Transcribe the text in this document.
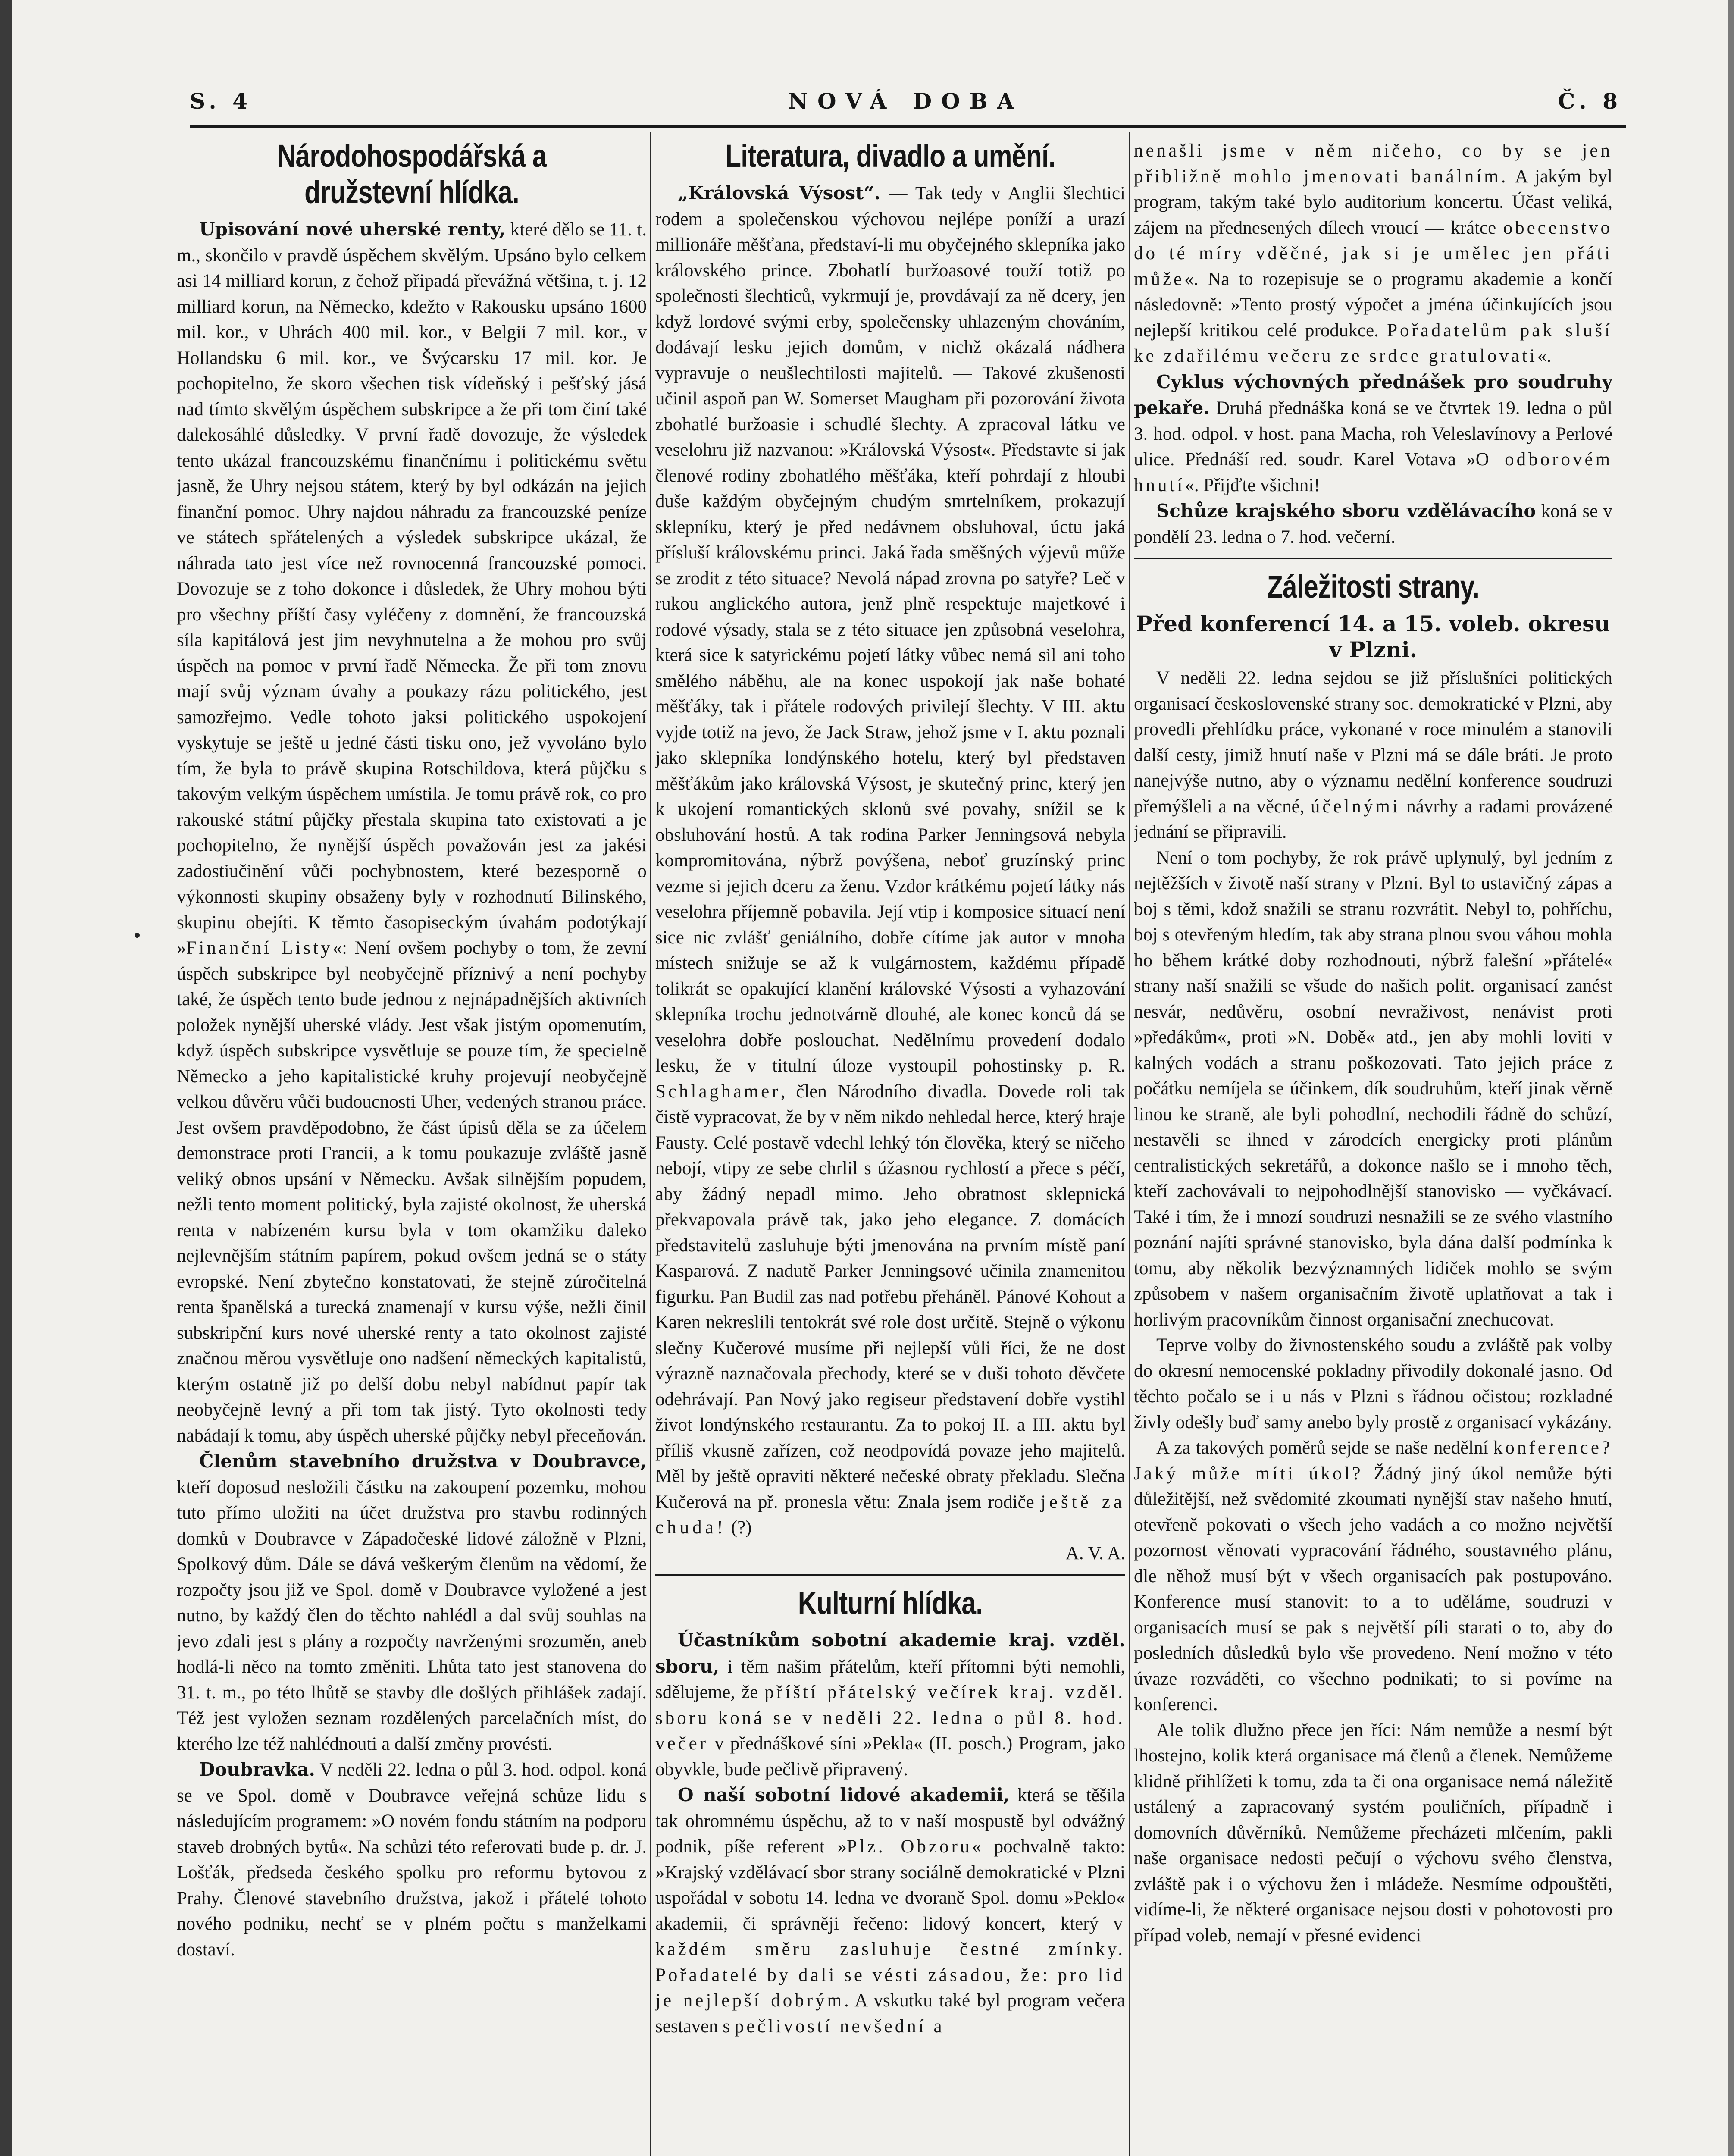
S. 4	NOVÁ DOBA	Č. 8
Národohospodářská a družstevní hlídka.

Upisování nové uherské renty, které dělo se 11. t. m., skončilo v pravdě úspěchem skvělým. Upsáno bylo celkem asi 14 milliard korun, z čehož připadá převážná většina, t. j. 12 milliard korun, na Německo, kdežto v Rakousku upsáno 1600 mil. kor., v Uhrách 400 mil. kor., v Belgii 7 mil. kor., v Hollandsku 6 mil. kor., ve Švýcarsku 17 mil. kor. Je pochopitelno, že skoro všechen tisk vídeňský i pešťský jásá nad tímto skvělým úspěchem subskripce a že při tom činí také dalekosáhlé důsledky. V první řadě dovozuje, že výsledek tento ukázal francouzskému finančnímu i politickému světu jasně, že Uhry nejsou státem, který by byl odkázán na jejich finanční pomoc. Uhry najdou náhradu za francouzské peníze ve státech spřátelených a výsledek subskripce ukázal, že náhrada tato jest více než rovnocenná francouzské pomoci. Dovozuje se z toho dokonce i důsledek, že Uhry mohou býti pro všechny příští časy vyléčeny z domnění, že francouzská síla kapitálová jest jim nevyhnutelna a že mohou pro svůj úspěch na pomoc v první řadě Německa. Že při tom znovu mají svůj význam úvahy a poukazy rázu politického, jest samozřejmo. Vedle tohoto jaksi politického uspokojení vyskytuje se ještě u jedné části tisku ono, jež vyvoláno bylo tím, že byla to právě skupina Rotschildova, která půjčku s takovým velkým úspěchem umístila. Je tomu právě rok, co pro rakouské státní půjčky přestala skupina tato existovati a je pochopitelno, že nynější úspěch považován jest za jakési zadostiučinění vůči pochybnostem, které bezesporně o výkonnosti skupiny obsaženy byly v rozhodnutí Bilinského, skupinu obejíti. K těmto časopiseckým úvahám podotýkají »Finanční Listy«: Není ovšem pochyby o tom, že zevní úspěch subskripce byl neobyčejně příznivý a není pochyby také, že úspěch tento bude jednou z nejnápadnějších aktivních položek nynější uherské vlády. Jest však jistým opomenutím, když úspěch subskripce vysvětluje se pouze tím, že specielně Německo a jeho kapitalistické kruhy projevují neobyčejně velkou důvěru vůči budoucnosti Uher, vedených stranou práce. Jest ovšem pravděpodobno, že část úpisů děla se za účelem demonstrace proti Francii, a k tomu poukazuje zvláště jasně veliký obnos upsání v Německu. Avšak silnějším popudem, nežli tento moment politický, byla zajisté okolnost, že uherská renta v nabízeném kursu byla v tom okamžiku daleko nejlevnějším státním papírem, pokud ovšem jedná se o státy evropské. Není zbytečno konstatovati, že stejně zúročitelná renta španělská a turecká znamenají v kursu výše, nežli činil subskripční kurs nové uherské renty a tato okolnost zajisté značnou měrou vysvětluje ono nadšení německých kapitalistů, kterým ostatně již po delší dobu nebyl nabídnut papír tak neobyčejně levný a při tom tak jistý. Tyto okolnosti tedy nabádají k tomu, aby úspěch uherské půjčky nebyl přeceňován.

Členům stavebního družstva v Doubravce, kteří doposud nesložili částku na zakoupení pozemku, mohou tuto přímo uložiti na účet družstva pro stavbu rodinných domků v Doubravce v Západočeské lidové záložně v Plzni, Spolkový dům. Dále se dává veškerým členům na vědomí, že rozpočty jsou již ve Spol. domě v Doubravce vyložené a jest nutno, by každý člen do těchto nahlédl a dal svůj souhlas na jevo zdali jest s plány a rozpočty navrženými srozuměn, aneb hodlá-li něco na tomto změniti. Lhůta tato jest stanovena do 31. t. m., po této lhůtě se stavby dle došlých přihlášek zadají. Též jest vyložen seznam rozdělených parcelačních míst, do kterého lze též nahlédnouti a další změny provésti.

Doubravka. V neděli 22. ledna o půl 3. hod. odpol. koná se ve Spol. domě v Doubravce veřejná schůze lidu s následujícím programem: »O novém fondu státním na podporu staveb drobných bytů«. Na schůzi této referovati bude p. dr. J. Lošťák, předseda českého spolku pro reformu bytovou z Prahy. Členové stavebního družstva, jakož i přátelé tohoto nového podniku, nechť se v plném počtu s manželkami dostaví.

Literatura, divadlo a umění.

„Královská Výsost“. — Tak tedy v Anglii šlechtici rodem a společenskou výchovou nejlépe poníží a urazí millionáře měšťana, představí-li mu obyčejného sklepníka jako královského prince. Zbohatlí buržoasové touží totiž po společnosti šlechticů, vykrmují je, provdávají za ně dcery, jen když lordové svými erby, společensky uhlazeným chováním, dodávají lesku jejich domům, v nichž okázalá nádhera vypravuje o neušlechtilosti majitelů. — Takové zkušenosti učinil aspoň pan W. Somerset Maugham při pozorování života zbohatlé buržoasie i schudlé šlechty. A zpracoval látku ve veselohru již nazvanou: »Královská Výsost«. Představte si jak členové rodiny zbohatlého měšťáka, kteří pohrdají z hloubi duše každým obyčejným chudým smrtelníkem, prokazují sklepníku, který je před nedávnem obsluhoval, úctu jaká přísluší královskému princi. Jaká řada směšných výjevů může se zrodit z této situace? Nevolá nápad zrovna po satyře? Leč v rukou anglického autora, jenž plně respektuje majetkové i rodové výsady, stala se z této situace jen způsobná veselohra, která sice k satyrickému pojetí látky vůbec nemá sil ani toho smělého náběhu, ale na konec uspokojí jak naše bohaté měšťáky, tak i přátele rodových privilejí šlechty. V III. aktu vyjde totiž na jevo, že Jack Straw, jehož jsme v I. aktu poznali jako sklepníka londýnského hotelu, který byl představen měšťákům jako královská Výsost, je skutečný princ, který jen k ukojení romantických sklonů své povahy, snížil se k obsluhování hostů. A tak rodina Parker Jenningsová nebyla kompromitována, nýbrž povýšena, neboť gruzínský princ vezme si jejich dceru za ženu. Vzdor krátkému pojetí látky nás veselohra příjemně pobavila. Její vtip i komposice situací není sice nic zvlášť geniálního, dobře cítíme jak autor v mnoha místech snižuje se až k vulgárnostem, každému případě tolikrát se opakující klanění královské Výsosti a vyhazování sklepníka trochu jednotvárně dlouhé, ale konec konců dá se veselohra dobře poslouchat. Nedělnímu provedení dodalo lesku, že v titulní úloze vystoupil pohostinsky p. R. Schlaghamer, člen Národního divadla. Dovede roli tak čistě vypracovat, že by v něm nikdo nehledal herce, který hraje Fausty. Celé postavě vdechl lehký tón člověka, který se ničeho nebojí, vtipy ze sebe chrlil s úžasnou rychlostí a přece s péčí, aby žádný nepadl mimo. Jeho obratnost sklepnická překvapovala právě tak, jako jeho elegance. Z domácích představitelů zasluhuje býti jmenována na prvním místě paní Kasparová. Z nadutě Parker Jenningsové učinila znamenitou figurku. Pan Budil zas nad potřebu přeháněl. Pánové Kohout a Karen nekreslili tentokrát své role dost určitě. Stejně o výkonu slečny Kučerové musíme při nejlepší vůli říci, že ne dost výrazně naznačovala přechody, které se v duši tohoto děvčete odehrávají. Pan Nový jako regiseur představení dobře vystihl život londýnského restaurantu. Za to pokoj II. a III. aktu byl příliš vkusně zařízen, což neodpovídá povaze jeho majitelů. Měl by ještě opraviti některé nečeské obraty překladu. Slečna Kučerová na př. pronesla větu: Znala jsem rodiče ještě za chuda! (?)

A. V. A.

Kulturní hlídka.

Účastníkům sobotní akademie kraj. vzděl. sboru, i těm našim přátelům, kteří přítomni býti nemohli, sdělujeme, že příští přátelský večírek kraj. vzděl. sboru koná se v neděli 22. ledna o půl 8. hod. večer v přednáškové síni »Pekla« (II. posch.) Program, jako obyvkle, bude pečlivě připravený.

O naší sobotní lidové akademii, která se těšila tak ohromnému úspěchu, až to v naší mospustě byl odvážný podnik, píše referent »Plz. Obzoru« pochvalně takto: »Krajský vzdělávací sbor strany sociálně demokratické v Plzni uspořádal v sobotu 14. ledna ve dvoraně Spol. domu »Peklo« akademii, či správněji řečeno: lidový koncert, který v každém směru zasluhuje čestné zmínky. Pořadatelé by dali se vésti zásadou, že: pro lid je nejlepší dobrým. A vskutku také byl program večera sestaven s pečlivostí nevšední a

nenašli jsme v něm ničeho, co by se jen přibližně mohlo jmenovati banálním. A jakým byl program, takým také bylo auditorium koncertu. Účast veliká, zájem na přednesených dílech vroucí — krátce obecenstvo do té míry vděčné, jak si je umělec jen přáti může«. Na to rozepisuje se o programu akademie a končí následovně: »Tento prostý výpočet a jména účinkujících jsou nejlepší kritikou celé produkce. Pořadatelům pak sluší ke zdařilému večeru ze srdce gratulovati«.

Cyklus výchovných přednášek pro soudruhy pekaře. Druhá přednáška koná se ve čtvrtek 19. ledna o půl 3. hod. odpol. v host. pana Macha, roh Veleslavínovy a Perlové ulice. Přednáší red. soudr. Karel Votava »O odborovém hnutí«. Přijďte všichni!

Schůze krajského sboru vzdělávacího koná se v pondělí 23. ledna o 7. hod. večerní.

Záležitosti strany.
Před konferencí 14. a 15. voleb. okresu v Plzni.

V neděli 22. ledna sejdou se již příslušníci politických organisací československé strany soc. demokratické v Plzni, aby provedli přehlídku práce, vykonané v roce minulém a stanovili další cesty, jimiž hnutí naše v Plzni má se dále bráti. Je proto nanejvýše nutno, aby o významu nedělní konference soudruzi přemýšleli a na věcné, účelnými návrhy a radami provázené jednání se připravili.

Není o tom pochyby, že rok právě uplynulý, byl jedním z nejtěžších v životě naší strany v Plzni. Byl to ustavičný zápas a boj s těmi, kdož snažili se stranu rozvrátit. Nebyl to, pohříchu, boj s otevřeným hledím, tak aby strana plnou svou váhou mohla ho během krátké doby rozhodnouti, nýbrž falešní »přátelé« strany naší snažili se všude do našich polit. organisací zanést nesvár, nedůvěru, osobní nevraživost, nenávist proti »předákům«, proti »N. Době« atd., jen aby mohli loviti v kalných vodách a stranu poškozovati. Tato jejich práce z počátku nemíjela se účinkem, dík soudruhům, kteří jinak věrně linou ke straně, ale byli pohodlní, nechodili řádně do schůzí, nestavěli se ihned v zárodcích energicky proti plánům centralistických sekretářů, a dokonce našlo se i mnoho těch, kteří zachovávali to nejpohodlnější stanovisko — vyčkávací. Také i tím, že i mnozí soudruzi nesnažili se ze svého vlastního poznání najíti správné stanovisko, byla dána další podmínka k tomu, aby několik bezvýznamných lidiček mohlo se svým způsobem v našem organisačním životě uplatňovat a tak i horlivým pracovníkům činnost organisační znechucovat.

Teprve volby do živnostenského soudu a zvláště pak volby do okresní nemocenské pokladny přivodily dokonalé jasno. Od těchto počalo se i u nás v Plzni s řádnou očistou; rozkladné živly odešly buď samy anebo byly prostě z organisací vykázány.

A za takových poměrů sejde se naše nedělní konference? Jaký může míti úkol? Žádný jiný úkol nemůže býti důležitější, než svědomité zkoumati nynější stav našeho hnutí, otevřeně pokovati o všech jeho vadách a co možno největší pozornost věnovati vypracování řádného, soustavného plánu, dle něhož musí být v všech organisacích pak postupováno. Konference musí stanovit: to a to uděláme, soudruzi v organisacích musí se pak s největší píli starati o to, aby do posledních důsledků bylo vše provedeno. Není možno v této úvaze rozváděti, co všechno podnikati; to si povíme na konferenci.

Ale tolik dlužno přece jen říci: Nám nemůže a nesmí být lhostejno, kolik která organisace má členů a členek. Nemůžeme klidně přihlížeti k tomu, zda ta či ona organisace nemá náležitě ustálený a zapracovaný systém pouličních, případně i domovních důvěrníků. Nemůžeme přecházeti mlčením, pakli naše organisace nedosti pečují o výchovu svého členstva, zvláště pak i o výchovu žen i mládeže. Nesmíme odpouštěti, vidíme-li, že některé organisace nejsou dosti v pohotovosti pro případ voleb, nemají v přesné evidenci
